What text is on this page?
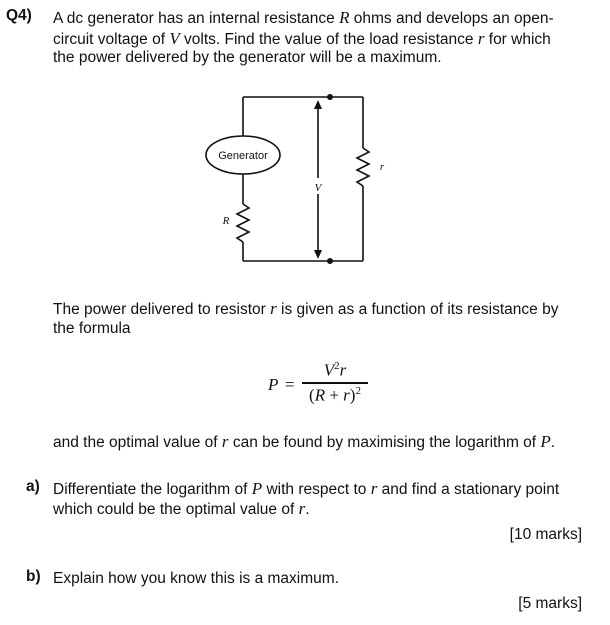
Q4) A dc generator has an internal resistance R ohms and develops an open-
circuit voltage of V volts. Find the value of the load resistance r for which
the power delivered by the generator will be a maximum.
Generator
V
R
r
The power delivered to resistor r is given as a function of its resistance by
the formula
P =
$V^2r$
$(R + r)^2$
and the optimal value of r can be found by maximising the logarithm of P.
a) Differentiate the logarithm of P with respect to r and find a stationary point
which could be the optimal value of r.
[10 marks]
b) Explain how you know this is a maximum.
[5 marks]
